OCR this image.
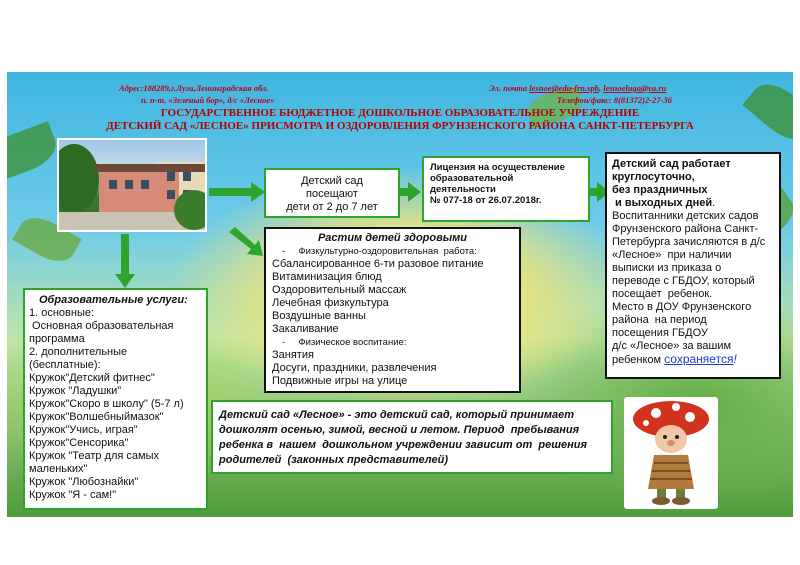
Адрес:188289,г.Луга,Ленинградская обл.
п. п-т. «Зеленый бор», д/с «Лесное»
Эл. почта lesnoe@edu-frn.spb, lesnoeluga@ya.ru
Телефон/факс: 8(81372)2-27-36
ГОСУДАРСТВЕННОЕ БЮДЖЕТНОЕ ДОШКОЛЬНОЕ ОБРАЗОВАТЕЛЬНОЕ УЧРЕЖДЕНИЕ
ДЕТСКИЙ САД «ЛЕСНОЕ» ПРИСМОТРА И ОЗДОРОВЛЕНИЯ ФРУНЗЕНСКОГО РАЙОНА САНКТ-ПЕТЕРБУРГА
Детский сад
посещают
дети от 2 до 7 лет
Лицензия на осуществление
образовательной
деятельности
№ 077-18 от 26.07.2018г.
Детский сад работает
круглосуточно,
без праздничных
и выходных дней.
Воспитанники детских садов
Фрунзенского района Санкт-
Петербурга зачисляются в д/с
«Лесное»  при наличии
выписки из приказа о
переводе с ГБДОУ, который
посещает  ребенок.
Место в ДОУ Фрунзенского
района  на период
посещения ГБДОУ
д/с «Лесное» за вашим
ребенком сохраняется!
Растим детей здоровыми
-     Физкультурно-оздоровительная  работа:
Сбалансированное 6-ти разовое питание
Витаминизация блюд
Оздоровительный массаж
Лечебная физкультура
Воздушные ванны
Закаливание
-     Физическое воспитание:
Занятия
Досуги, праздники, развлечения
Подвижные игры на улице
Образовательные услуги:
1. основные:
Основная образовательная
программа
2. дополнительные
(бесплатные):
Кружок"Детский фитнес"
Кружок "Ладушки"
Кружок"Скоро в школу" (5-7 л)
Кружок"Волшебныймазок"
Кружок"Учись, играя"
Кружок"Сенсорика"
Кружок "Театр для самых
маленьких"
Кружок "Любознайки"
Кружок "Я - сам!"
Детский сад «Лесное» - это детский сад, который принимает
дошколят осенью, зимой, весной и летом. Период  пребывания
ребенка в  нашем  дошкольном учреждении зависит от  решения
родителей  (законных представителей)
